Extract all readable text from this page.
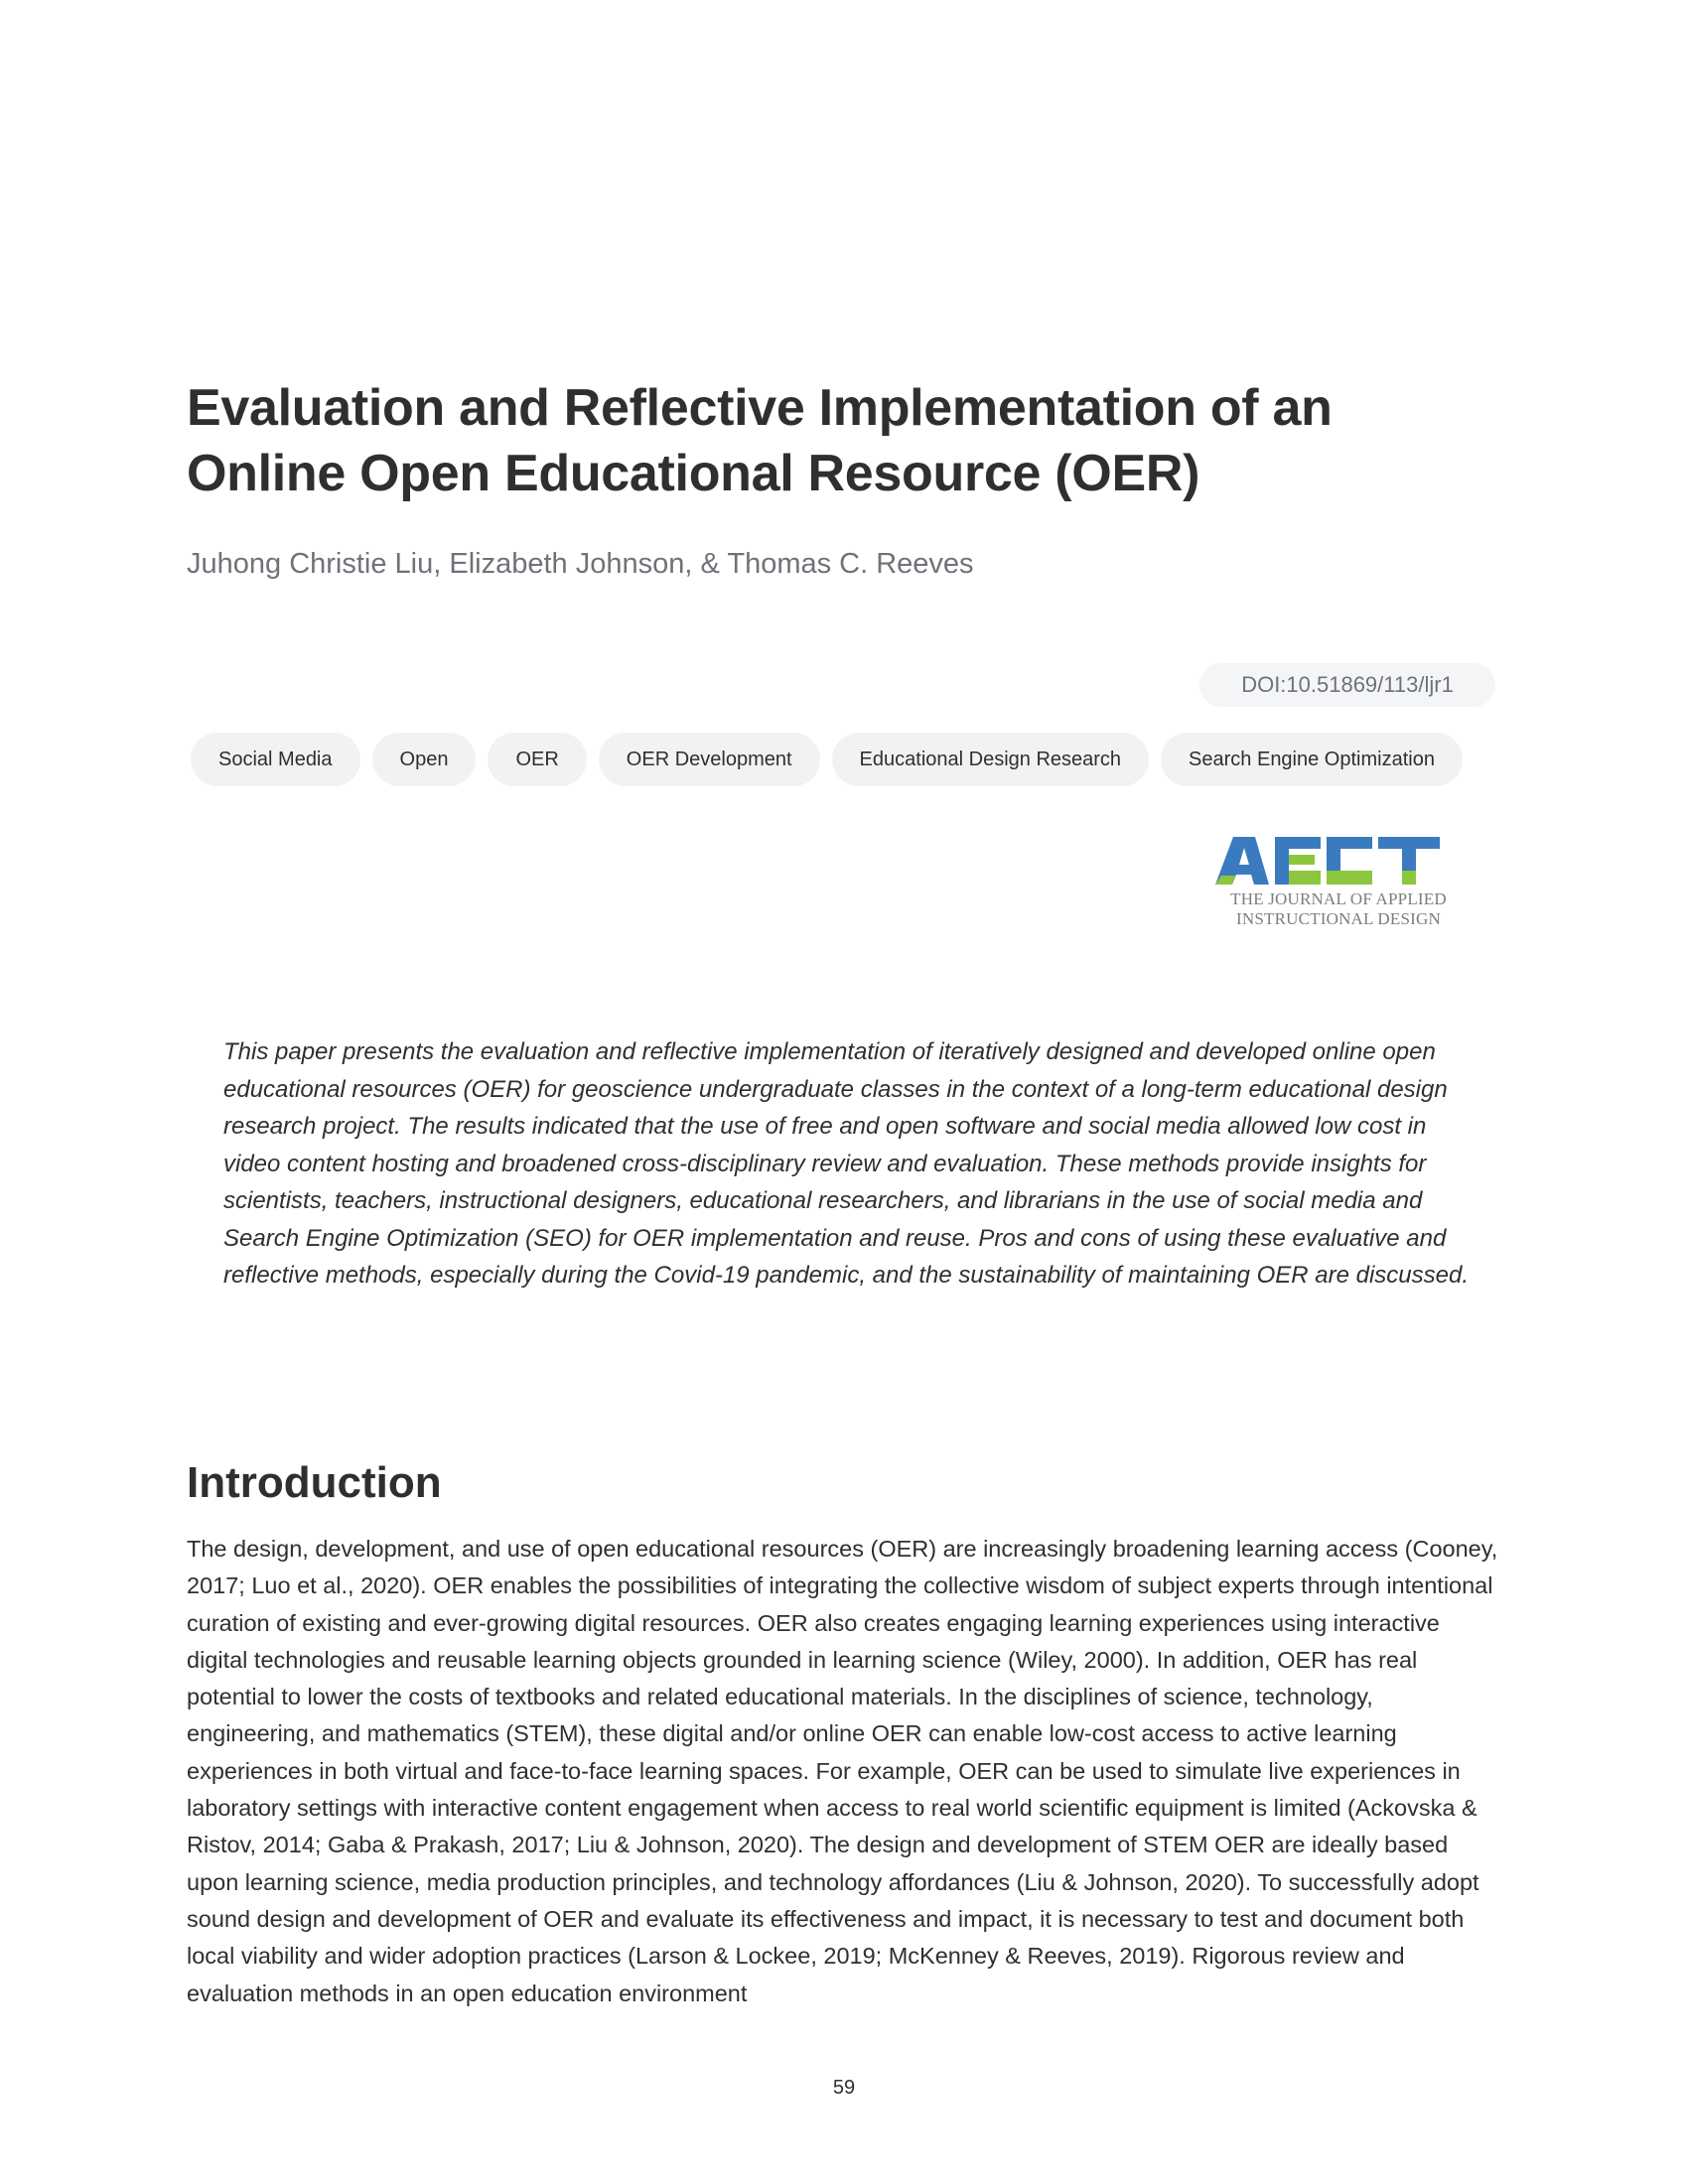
Evaluation and Reflective Implementation of an Online Open Educational Resource (OER)

Juhong Christie Liu, Elizabeth Johnson, & Thomas C. Reeves

DOI:10.51869/113/ljr1
Social Media	Open	OER	OER Development	Educational Design Research	Search Engine Optimization
THE JOURNAL OF APPLIED
INSTRUCTIONAL DESIGN

This paper presents the evaluation and reflective implementation of iteratively designed and developed online open educational resources (OER) for geoscience undergraduate classes in the context of a long-term educational design research project. The results indicated that the use of free and open software and social media allowed low cost in video content hosting and broadened cross-disciplinary review and evaluation. These methods provide insights for scientists, teachers, instructional designers, educational researchers, and librarians in the use of social media and Search Engine Optimization (SEO) for OER implementation and reuse. Pros and cons of using these evaluative and reflective methods, especially during the Covid-19 pandemic, and the sustainability of maintaining OER are discussed.

Introduction

The design, development, and use of open educational resources (OER) are increasingly broadening learning access (Cooney, 2017; Luo et al., 2020). OER enables the possibilities of integrating the collective wisdom of subject experts through intentional curation of existing and ever-growing digital resources. OER also creates engaging learning experiences using interactive digital technologies and reusable learning objects grounded in learning science (Wiley, 2000). In addition, OER has real potential to lower the costs of textbooks and related educational materials. In the disciplines of science, technology, engineering, and mathematics (STEM), these digital and/or online OER can enable low-cost access to active learning experiences in both virtual and face-to-face learning spaces. For example, OER can be used to simulate live experiences in laboratory settings with interactive content engagement when access to real world scientific equipment is limited (Ackovska & Ristov, 2014; Gaba & Prakash, 2017; Liu & Johnson, 2020). The design and development of STEM OER are ideally based upon learning science, media production principles, and technology affordances (Liu & Johnson, 2020). To successfully adopt sound design and development of OER and evaluate its effectiveness and impact, it is necessary to test and document both local viability and wider adoption practices (Larson & Lockee, 2019; McKenney & Reeves, 2019). Rigorous review and evaluation methods in an open education environment

59
